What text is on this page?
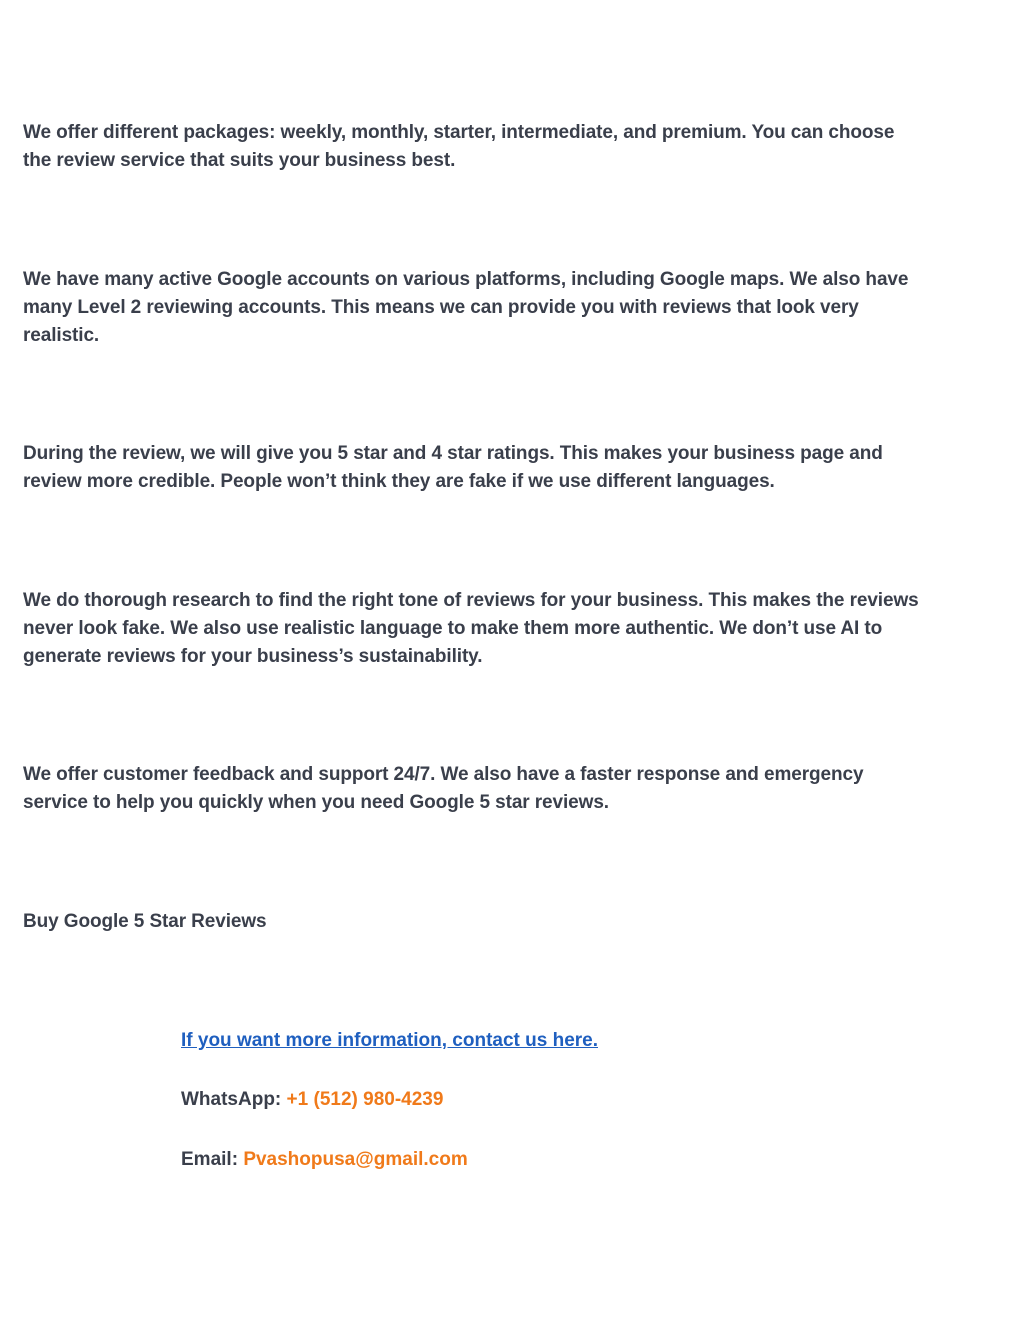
We offer different packages: weekly, monthly, starter, intermediate, and premium. You can choose the review service that suits your business best.

We have many active Google accounts on various platforms, including Google maps. We also have many Level 2 reviewing accounts. This means we can provide you with reviews that look very realistic.

During the review, we will give you 5 star and 4 star ratings. This makes your business page and review more credible. People won’t think they are fake if we use different languages.

We do thorough research to find the right tone of reviews for your business. This makes the reviews never look fake. We also use realistic language to make them more authentic. We don’t use AI to generate reviews for your business’s sustainability.

We offer customer feedback and support 24/7. We also have a faster response and emergency service to help you quickly when you need Google 5 star reviews.

Buy Google 5 Star Reviews

If you want more information, contact us here.

WhatsApp: +1 (512) 980-4239

Email: Pvashopusa@gmail.com
